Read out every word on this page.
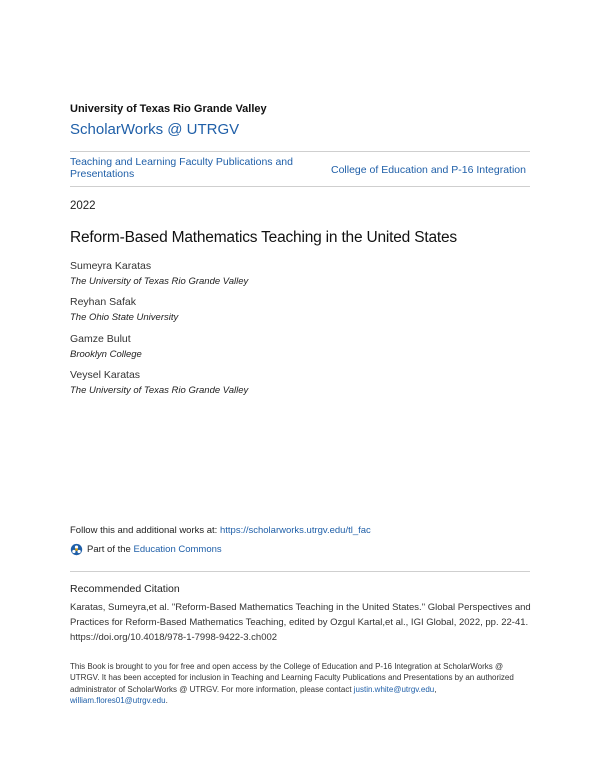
University of Texas Rio Grande Valley
ScholarWorks @ UTRGV
Teaching and Learning Faculty Publications and Presentations	College of Education and P-16 Integration
2022
Reform-Based Mathematics Teaching in the United States
Sumeyra Karatas
The University of Texas Rio Grande Valley
Reyhan Safak
The Ohio State University
Gamze Bulut
Brooklyn College
Veysel Karatas
The University of Texas Rio Grande Valley
Follow this and additional works at: https://scholarworks.utrgv.edu/tl_fac
Part of the
Education Commons
Recommended Citation
Karatas, Sumeyra,et al. "Reform-Based Mathematics Teaching in the United States." Global Perspectives and Practices for Reform-Based Mathematics Teaching, edited by Ozgul Kartal,et al., IGI Global, 2022, pp. 22-41. https://doi.org/10.4018/978-1-7998-9422-3.ch002
This Book is brought to you for free and open access by the College of Education and P-16 Integration at ScholarWorks @ UTRGV. It has been accepted for inclusion in Teaching and Learning Faculty Publications and Presentations by an authorized administrator of ScholarWorks @ UTRGV. For more information, please contact justin.white@utrgv.edu, william.flores01@utrgv.edu.
